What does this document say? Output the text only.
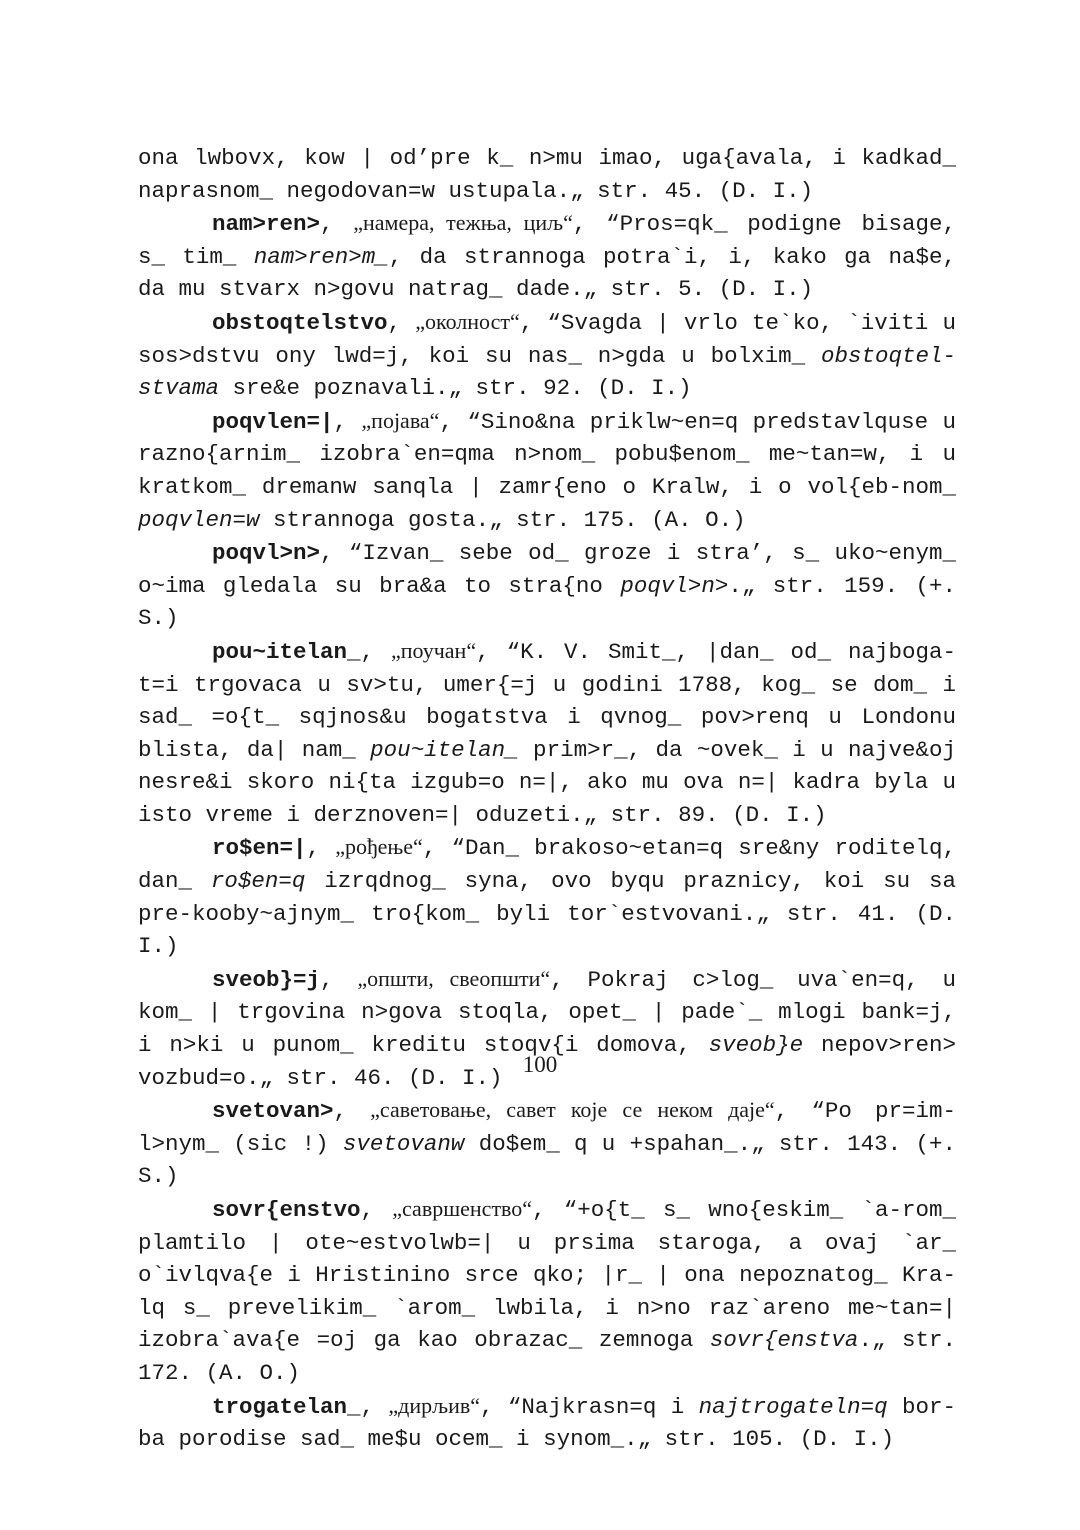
ona lwbovx, kow | od’pre k_ n>mu imao, uga{avala, i kadkad_ naprasnom_ negodovan=w ustupala.„ str. 45. (D. I.)

nam>ren>, „намера, тежња, циљ“, “Pros=qk_ podigne bisage, s_ tim_ nam>ren>m_, da strannoga potra`i, i, kako ga na$e, da mu stvarx n>govu natrag_ dade.„ str. 5. (D. I.)

obstoqtelstvo, „околност“, “Svagda | vrlo te`ko, `iviti u sos>dstvu ony lwd=j, koi su nas_ n>gda u bolxim_ obstoqtel-stvama sre&e poznavali.„ str. 92. (D. I.)

poqvlen=|, „појава“, “Sino&na priklw~en=q predstavlquse u razno{arnim_ izobra`en=qma n>nom_ pobu$enom_ me~tan=w, i u kratkom_ dremanw sanqla | zamr{eno o Kralw, i o vol{eb-nom_ poqvlen=w strannoga gosta.„ str. 175. (A. O.)

poqvl>n>, “Izvan_ sebe od_ groze i stra’, s_ uko~enym_ o~ima gledala su bra&a to stra{no poqvl>n>.„ str. 159. (+. S.)

pou~itelan_, „поучан“, “K. V. Smit_, |dan_ od_ najboga-t=i trgovaca u sv>tu, umer{=j u godini 1788, kog_ se dom_ i sad_ =o{t_ sqjnos&u bogatstva i qvnog_ pov>renq u Londonu blista, da| nam_ pou~itelan_ prim>r_, da ~ovek_ i u najve&oj nesre&i skoro ni{ta izgub=o n=|, ako mu ova n=| kadra byla u isto vreme i derznoven=| oduzeti.„ str. 89. (D. I.)

ro$en=|, „рођење“, “Dan_ brakoso~etan=q sre&ny roditelq, dan_ ro$en=q izrqdnog_ syna, ovo byqu praznicy, koi su sa pre-kooby~ajnym_ tro{kom_ byli tor`estvovani.„ str. 41. (D. I.)

sveob}=j, „општи, свеопшти“, Pokraj c>log_ uva`en=q, u kom_ | trgovina n>gova stoqla, opet_ | pade`_ mlogi bank=j, i n>ki u punom_ kreditu stoqv{i domova, sveob}e nepov>ren> vozbud=o.„ str. 46. (D. I.)

svetovan>, „саветовање, савет које се неком даје“, “Po pr=im-l>nym_ (sic !) svetovanw do$em_ q u +spahan_.„ str. 143. (+. S.)

sovr{enstvo, „савршенство“, “+o{t_ s_ wno{eskim_ `a-rom_ plamtilo | ote~estvolwb=| u prsima staroga, a ovaj `ar_ o`ivlqva{e i Hristinino srce qko; |r_ | ona nepoznatog_ Kra-lq s_ prevelikim_ `arom_ lwbila, i n>no raz`areno me~tan=| izobra`ava{e =oj ga kao obrazac_ zemnoga sovr{enstva.„ str. 172. (A. O.)

trogatelan_, „дирљив“, “Najkrasn=q i najtrogateln=q bor-ba porodise sad_ me$u ocem_ i synom_.„ str. 105. (D. I.)

100
